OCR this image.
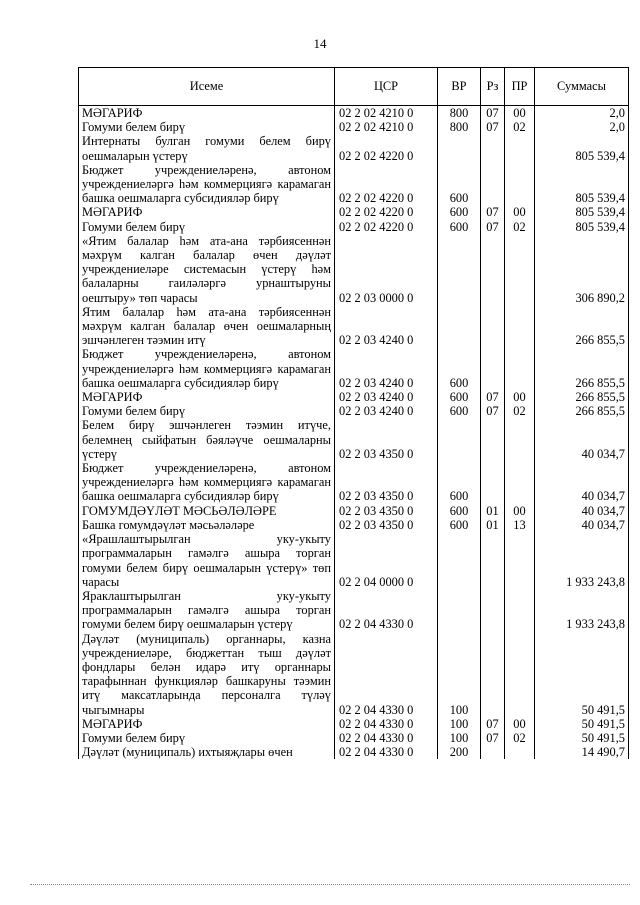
14
Исеме	ЦСР	ВР	Рз	ПР	Суммасы
МӘГАРИФ	02 2 02 4210 0	800	07	00	2,0
Гомуми белем бирү	02 2 02 4210 0	800	07	02	2,0
Интернаты булган гомуми белем бирү оешмаларын үстерү	02 2 02 4220 0				805 539,4
Бюджет учреждениеләренә, автоном учреждениеләргә һәм коммерциягә карамаган башка оешмаларга субсидияләр бирү	02 2 02 4220 0	600			805 539,4
МӘГАРИФ	02 2 02 4220 0	600	07	00	805 539,4
Гомуми белем бирү	02 2 02 4220 0	600	07	02	805 539,4
«Ятим балалар һәм ата-ана тәрбиясеннән мәхрүм калган балалар өчен дәүләт учреждениеләре системасын үстерү һәм балаларны гаиләләргә урнаштыруны оештыру» төп чарасы	02 2 03 0000 0				306 890,2
Ятим балалар һәм ата-ана тәрбиясеннән мәхрүм калган балалар өчен оешмаларның эшчәнлеген тәэмин итү	02 2 03 4240 0				266 855,5
Бюджет учреждениеләренә, автоном учреждениеләргә һәм коммерциягә карамаган башка оешмаларга субсидияләр бирү	02 2 03 4240 0	600			266 855,5
МӘГАРИФ	02 2 03 4240 0	600	07	00	266 855,5
Гомуми белем бирү	02 2 03 4240 0	600	07	02	266 855,5
Белем бирү эшчәнлеген тәэмин итүче, белемнең сыйфатын бәяләүче оешмаларны үстерү	02 2 03 4350 0				40 034,7
Бюджет учреждениеләренә, автоном учреждениеләргә һәм коммерциягә карамаган башка оешмаларга субсидияләр бирү	02 2 03 4350 0	600			40 034,7
ГОМУМДӘҮЛӘТ МӘСЬӘЛӘЛӘРЕ	02 2 03 4350 0	600	01	00	40 034,7
Башка гомумдәүләт мәсьәләләре	02 2 03 4350 0	600	01	13	40 034,7
«Ярашлаштырылган уку-укыту программаларын гамәлгә ашыра торган гомуми белем бирү оешмаларын үстерү» төп чарасы	02 2 04 0000 0				1 933 243,8
Яраклаштырылган уку-укыту программаларын гамәлгә ашыра торган гомуми белем бирү оешмаларын үстерү	02 2 04 4330 0				1 933 243,8
Дәүләт (муниципаль) органнары, казна учреждениеләре, бюджеттан тыш дәүләт фондлары белән идарә итү органнары тарафыннан функцияләр башкаруны тәэмин итү максатларында персоналга түләү чыгымнары	02 2 04 4330 0	100			50 491,5
МӘГАРИФ	02 2 04 4330 0	100	07	00	50 491,5
Гомуми белем бирү	02 2 04 4330 0	100	07	02	50 491,5
Дәүләт (муниципаль) ихтыяҗлары өчен	02 2 04 4330 0	200			14 490,7
